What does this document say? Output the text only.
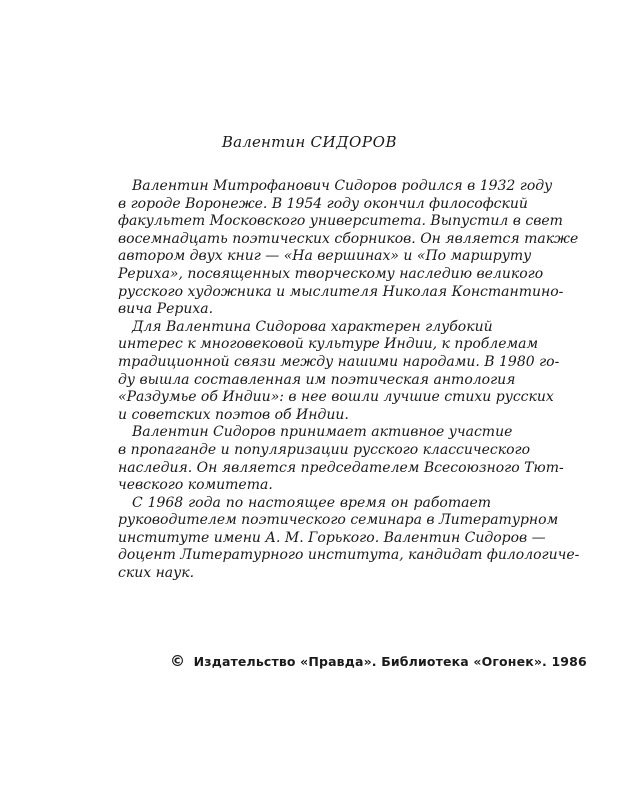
Валентин СИДОРОВ
Валентин Митрофанович Сидоров родился в 1932 году
в городе Воронеже. В 1954 году окончил философский
факультет Московского университета. Выпустил в свет
восемнадцать поэтических сборников. Он является также
автором двух книг — «На вершинах» и «По маршруту
Рериха», посвященных творческому наследию великого
русского художника и мыслителя Николая Константино-
вича Рериха.
Для Валентина Сидорова характерен глубокий
интерес к многовековой культуре Индии, к проблемам
традиционной связи между нашими народами. В 1980 го-
ду вышла составленная им поэтическая антология
«Раздумье об Индии»: в нее вошли лучшие стихи русских
и советских поэтов об Индии.
Валентин Сидоров принимает активное участие
в пропаганде и популяризации русского классического
наследия. Он является председателем Всесоюзного Тют-
чевского комитета.
С 1968 года по настоящее время он работает
руководителем поэтического семинара в Литературном
институте имени А. М. Горького. Валентин Сидоров —
доцент Литературного института, кандидат филологиче-
ских наук.
© Издательство «Правда». Библиотека «Огонек». 1986
